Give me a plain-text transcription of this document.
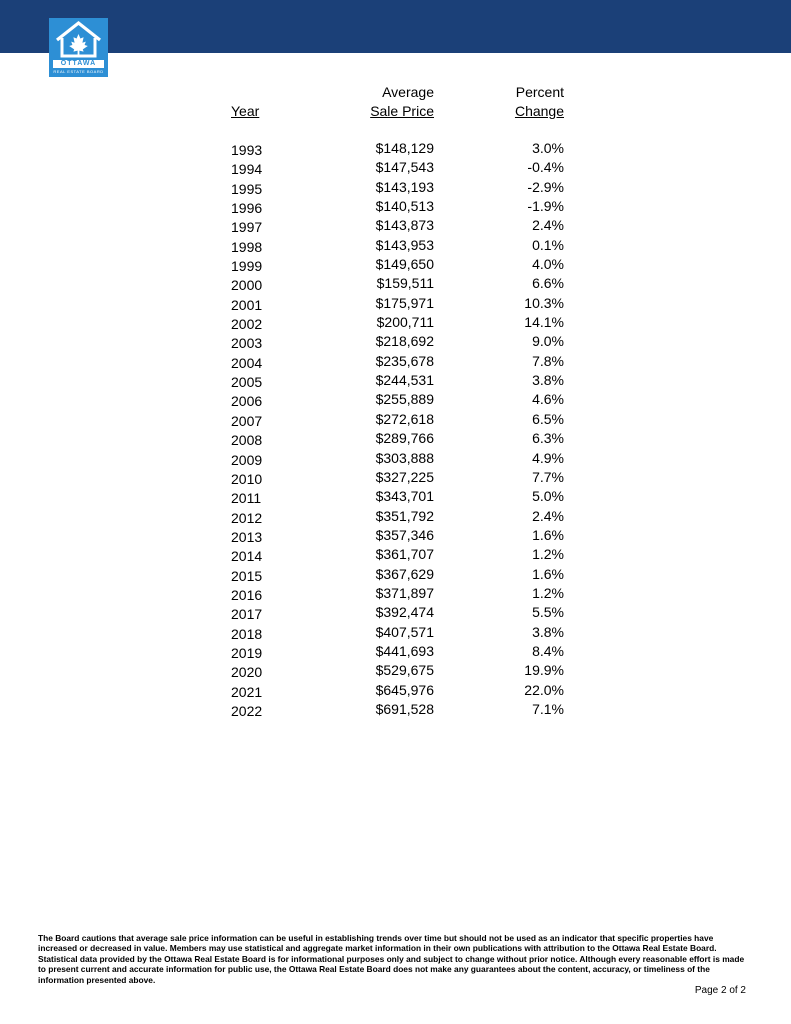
OTTAWA
REAL ESTATE BOARD
Year
Average
Sale Price
Percent
Change
1993	$148,129	3.0%
1994	$147,543	-0.4%
1995	$143,193	-2.9%
1996	$140,513	-1.9%
1997	$143,873	2.4%
1998	$143,953	0.1%
1999	$149,650	4.0%
2000	$159,511	6.6%
2001	$175,971	10.3%
2002	$200,711	14.1%
2003	$218,692	9.0%
2004	$235,678	7.8%
2005	$244,531	3.8%
2006	$255,889	4.6%
2007	$272,618	6.5%
2008	$289,766	6.3%
2009	$303,888	4.9%
2010	$327,225	7.7%
2011	$343,701	5.0%
2012	$351,792	2.4%
2013	$357,346	1.6%
2014	$361,707	1.2%
2015	$367,629	1.6%
2016	$371,897	1.2%
2017	$392,474	5.5%
2018	$407,571	3.8%
2019	$441,693	8.4%
2020	$529,675	19.9%
2021	$645,976	22.0%
2022	$691,528	7.1%
The Board cautions that average sale price information can be useful in establishing trends over time but should not be used as an indicator that specific properties have increased or decreased in value. Members may use statistical and aggregate market information in their own publications with attribution to the Ottawa Real Estate Board. Statistical data provided by the Ottawa Real Estate Board is for informational purposes only and subject to change without prior notice. Although every reasonable effort is made to present current and accurate information for public use, the Ottawa Real Estate Board does not make any guarantees about the content, accuracy, or timeliness of the information presented above.
Page 2 of 2
